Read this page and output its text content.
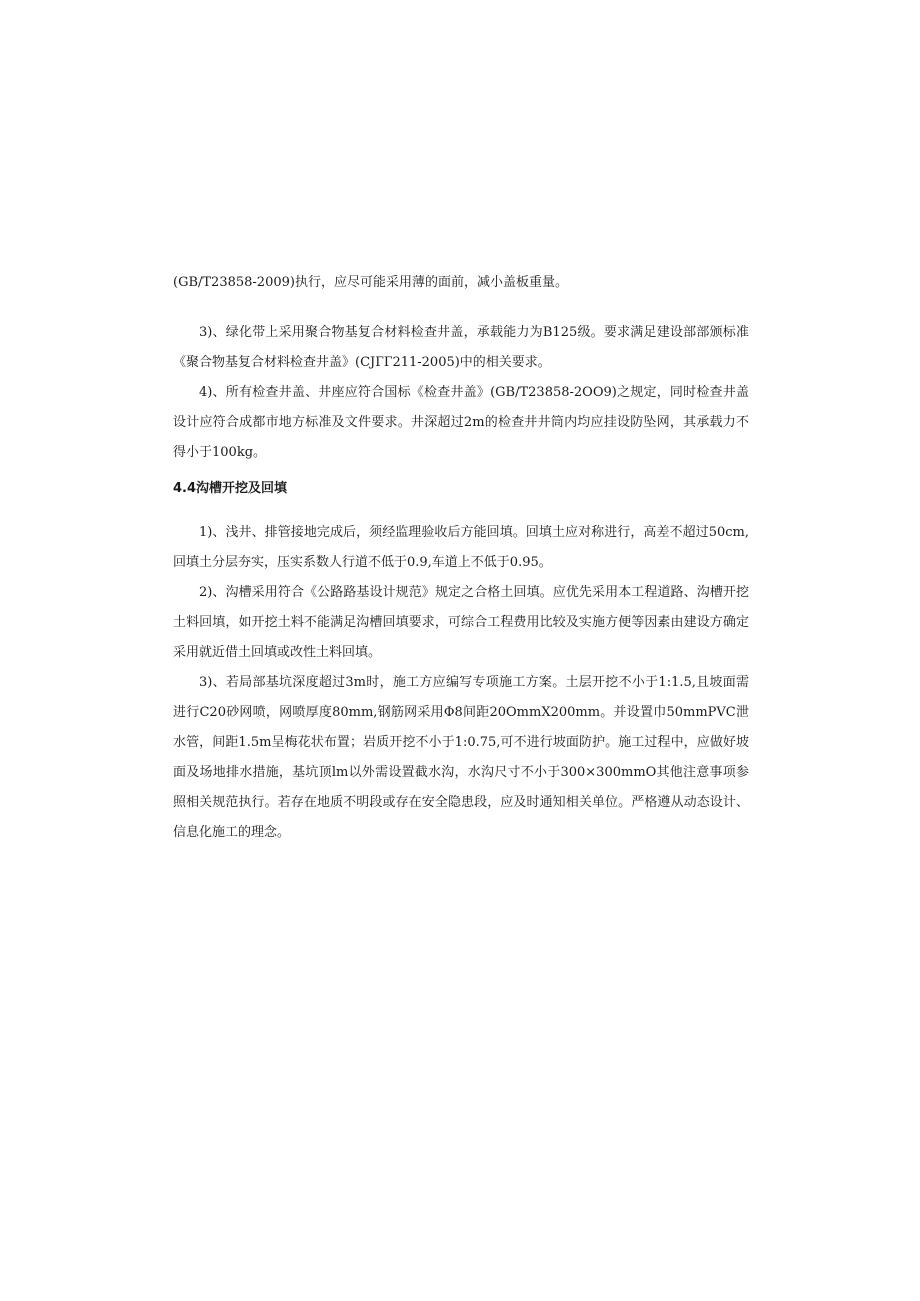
(GB/T23858-2009)执行，应尽可能采用薄的面前，减小盖板重量。

3)、绿化带上采用聚合物基复合材料检查井盖，承载能力为B125级。要求满足建设部部颁标准《聚合物基复合材料检查井盖》(CJГГ211-2005)中的相关要求。

4)、所有检查井盖、井座应符合国标《检查井盖》(GB/T23858-2OO9)之规定，同时检查井盖设计应符合成都市地方标准及文件要求。井深超过2m的检查井井筒内均应挂设防坠网，其承载力不得小于100kg。

4.4沟槽开挖及回填

1)、浅井、排管接地完成后，须经监理验收后方能回填。回填土应对称进行，高差不超过50cm,回填土分层夯实，压实系数人行道不低于0.9,车道上不低于0.95。

2)、沟槽采用符合《公路路基设计规范》规定之合格土回填。应优先采用本工程道路、沟槽开挖土料回填，如开挖土料不能满足沟槽回填要求，可综合工程费用比较及实施方便等因素由建设方确定采用就近借土回填或改性土料回填。

3)、若局部基坑深度超过3m时，施工方应编写专项施工方案。土层开挖不小于1:1.5,且坡面需进行C20砂网喷，网喷厚度80mm,钢筋网采用Φ8间距20OmmX200mm。并设置巾50mmPVC泄水管，间距1.5m呈梅花状布置；岩质开挖不小于1:0.75,可不进行坡面防护。施工过程中，应做好坡面及场地排水措施，基坑顶lm以外需设置截水沟，水沟尺寸不小于300×300mmO其他注意事项参照相关规范执行。若存在地质不明段或存在安全隐患段，应及时通知相关单位。严格遵从动态设计、信息化施工的理念。
